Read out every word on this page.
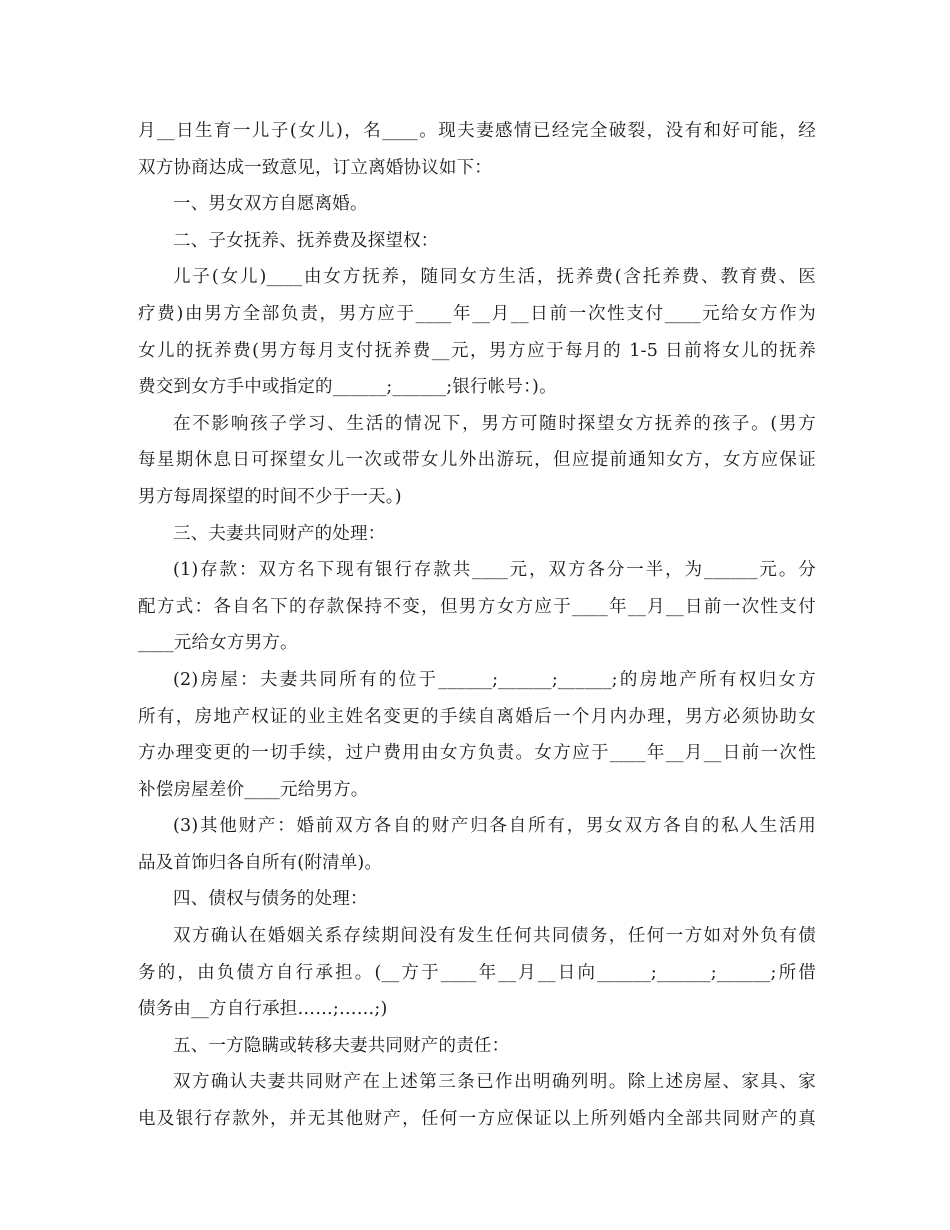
月__日生育一儿子(女儿)，名____。现夫妻感情已经完全破裂，没有和好可能，经
双方协商达成一致意见，订立离婚协议如下：
一、男女双方自愿离婚。
二、子女抚养、抚养费及探望权：
儿子(女儿)____由女方抚养，随同女方生活，抚养费(含托养费、教育费、医
疗费)由男方全部负责，男方应于____年__月__日前一次性支付____元给女方作为
女儿的抚养费(男方每月支付抚养费__元，男方应于每月的 1-5 日前将女儿的抚养
费交到女方手中或指定的______;______;银行帐号：)。
在不影响孩子学习、生活的情况下，男方可随时探望女方抚养的孩子。(男方
每星期休息日可探望女儿一次或带女儿外出游玩，但应提前通知女方，女方应保证
男方每周探望的时间不少于一天。)
三、夫妻共同财产的处理：
(1)存款：双方名下现有银行存款共____元，双方各分一半，为______元。分
配方式：各自名下的存款保持不变，但男方女方应于____年__月__日前一次性支付
____元给女方男方。
(2)房屋：夫妻共同所有的位于______;______;______;的房地产所有权归女方
所有，房地产权证的业主姓名变更的手续自离婚后一个月内办理，男方必须协助女
方办理变更的一切手续，过户费用由女方负责。女方应于____年__月__日前一次性
补偿房屋差价____元给男方。
(3)其他财产：婚前双方各自的财产归各自所有，男女双方各自的私人生活用
品及首饰归各自所有(附清单)。
四、债权与债务的处理：
双方确认在婚姻关系存续期间没有发生任何共同债务，任何一方如对外负有债
务的，由负债方自行承担。(__方于____年__月__日向______;______;______;所借
债务由__方自行承担……;……;)
五、一方隐瞒或转移夫妻共同财产的责任：
双方确认夫妻共同财产在上述第三条已作出明确列明。除上述房屋、家具、家
电及银行存款外，并无其他财产，任何一方应保证以上所列婚内全部共同财产的真
